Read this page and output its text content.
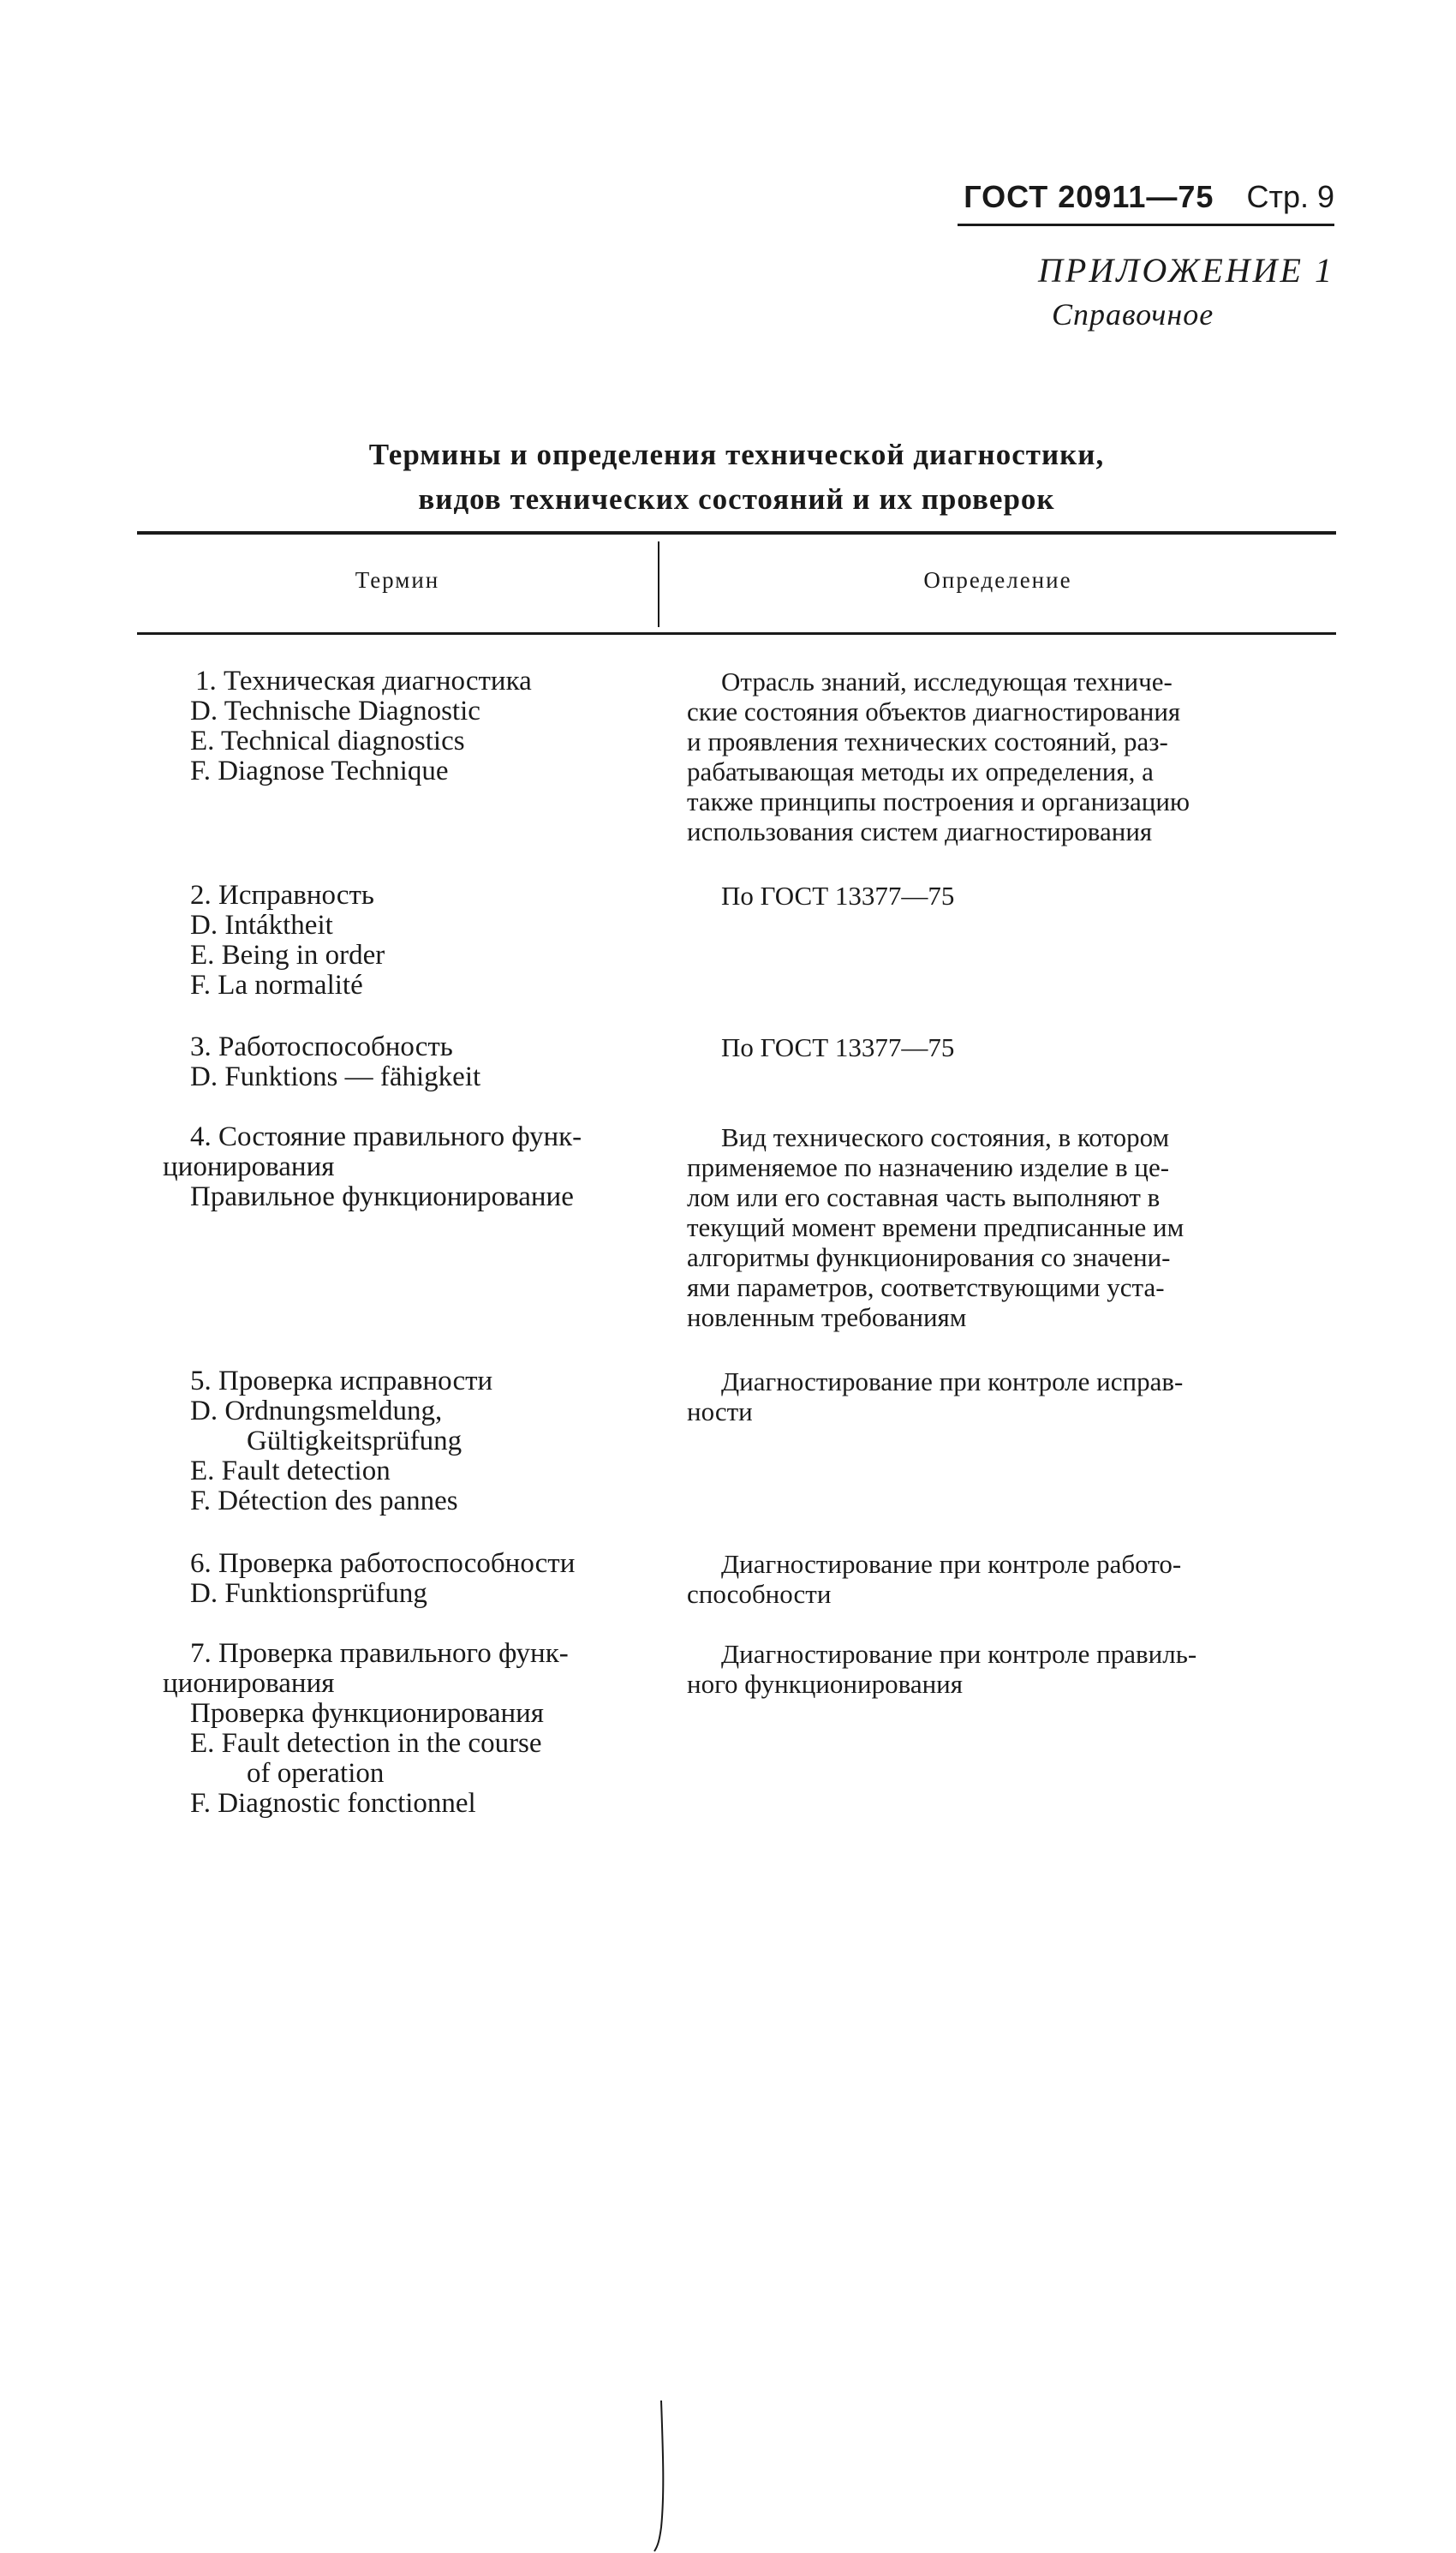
ГОСТ 20911—75 Стр. 9
ПРИЛОЖЕНИЕ 1
Справочное
Термины и определения технической диагностики,
видов технических состояний и их проверок
Термин	Определение
1. Техническая диагностика
D. Technische Diagnostic
E. Technical diagnostics
F. Diagnose Technique
Отрасль знаний, исследующая техниче-
ские состояния объектов диагностирования
и проявления технических состояний, раз-
рабатывающая методы их определения, а
также принципы построения и организацию
использования систем диагностирования
2. Исправность
D. Intáktheit
E. Being in order
F. La normalité
По ГОСТ 13377—75
3. Работоспособность
D. Funktions — fähigkeit
По ГОСТ 13377—75
4. Состояние правильного функ-
ционирования
Правильное функционирование
Вид технического состояния, в котором
применяемое по назначению изделие в це-
лом или его составная часть выполняют в
текущий момент времени предписанные им
алгоритмы функционирования со значени-
ями параметров, соответствующими уста-
новленным требованиям
5. Проверка исправности
D. Ordnungsmeldung,
Gültigkeitsprüfung
E. Fault detection
F. Détection des pannes
Диагностирование при контроле исправ-
ности
6. Проверка работоспособности
D. Funktionsprüfung
Диагностирование при контроле работо-
способности
7. Проверка правильного функ-
ционирования
Проверка функционирования
E. Fault detection in the course
of operation
F. Diagnostic fonctionnel
Диагностирование при контроле правиль-
ного функционирования
